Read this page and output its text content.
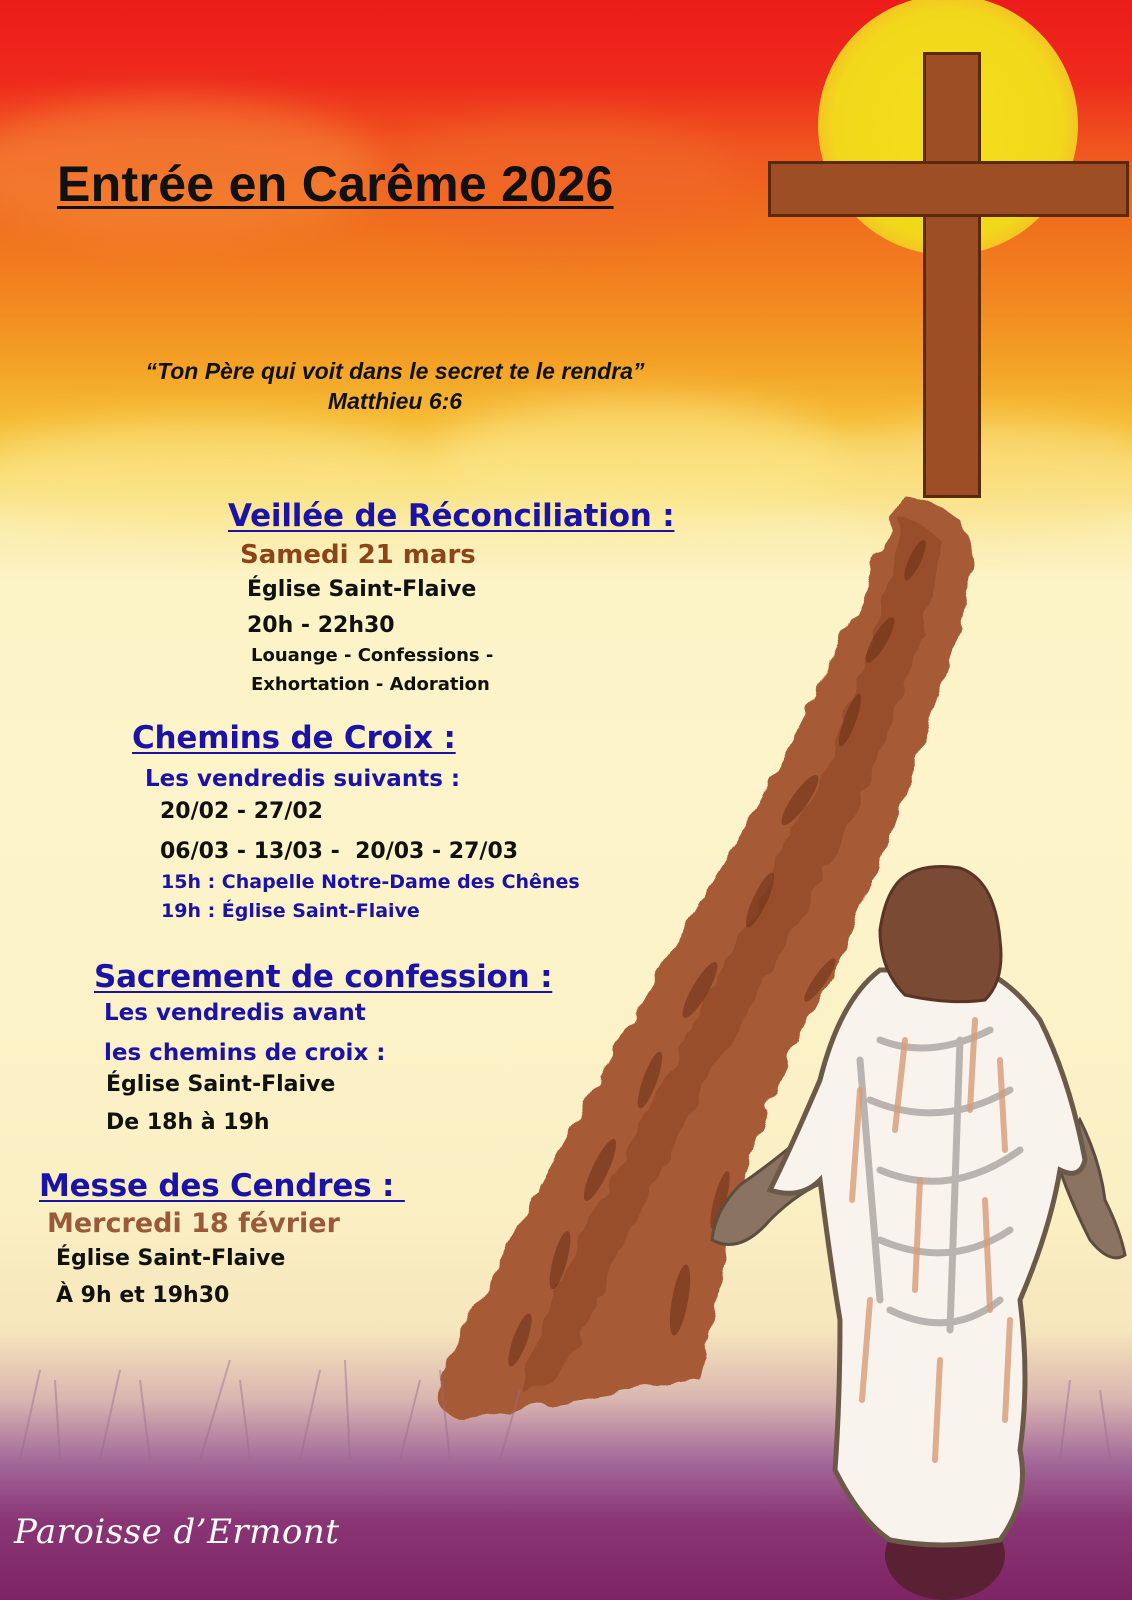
Entrée en Carême 2026
“Ton Père qui voit dans le secret te le rendra”
Matthieu 6:6
Veillée de Réconciliation :
Samedi 21 mars
Église Saint-Flaive
20h - 22h30
Louange - Confessions -
Exhortation - Adoration
Chemins de Croix :
Les vendredis suivants :
20/02 - 27/02
06/03 - 13/03 -  20/03 - 27/03
15h : Chapelle Notre-Dame des Chênes
19h : Église Saint-Flaive
Sacrement de confession :
Les vendredis avant
les chemins de croix :
Église Saint-Flaive
De 18h à 19h
Messe des Cendres :
Mercredi 18 février
Église Saint-Flaive
À 9h et 19h30
Paroisse d’Ermont
